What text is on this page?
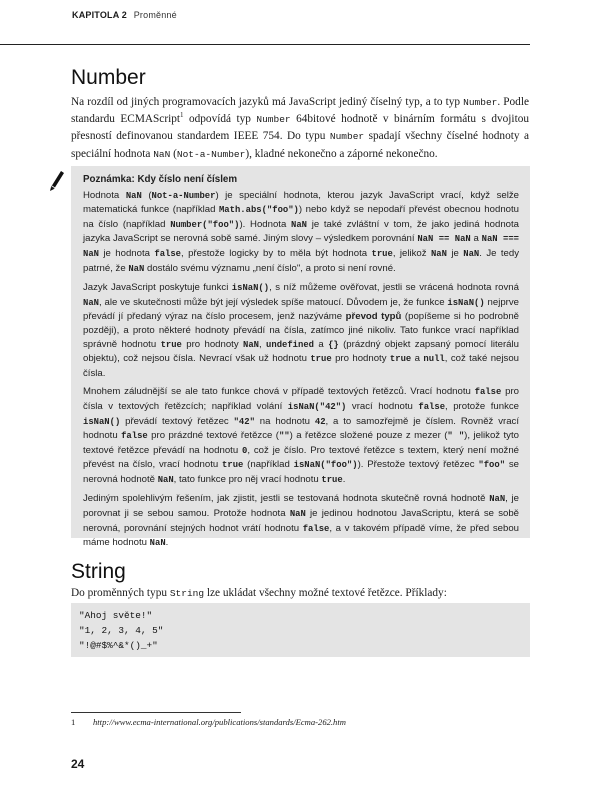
KAPITOLA 2 Proměnné
Number

Na rozdíl od jiných programovacích jazyků má JavaScript jediný číselný typ, a to typ Number. Podle standardu ECMAScript$^1$ odpovídá typ Number 64bitové hodnotě v binárním formátu s dvojitou přesností definovanou standardem IEEE 754. Do typu Number spadají všechny číselné hodnoty a speciální hodnota NaN (Not-a-Number), kladné nekonečno a záporné nekonečno.

Poznámka: Kdy číslo není číslem

Hodnota NaN (Not-a-Number) je speciální hodnota, kterou jazyk JavaScript vrací, když selže matematická funkce (například Math.abs("foo")) nebo když se nepodaří převést obecnou hodnotu na číslo (například Number("foo")). Hodnota NaN je také zvláštní v tom, že jako jediná hodnota jazyka JavaScript se nerovná sobě samé. Jiným slovy – výsledkem porovnání NaN == NaN a NaN === NaN je hodnota false, přestože logicky by to měla být hodnota true, jelikož NaN je NaN. Je tedy patrné, že NaN dostálo svému významu „není číslo", a proto si není rovné.

Jazyk JavaScript poskytuje funkci isNaN(), s níž můžeme ověřovat, jestli se vrácená hodnota rovná NaN, ale ve skutečnosti může být její výsledek spíše matoucí. Důvodem je, že funkce isNaN() nejprve převádí jí předaný výraz na číslo procesem, jenž nazýváme převod typů (popíšeme si ho podrobně později), a proto některé hodnoty převádí na čísla, zatímco jiné nikoliv. Tato funkce vrací například správně hodnotu true pro hodnoty NaN, undefined a {} (prázdný objekt zapsaný pomocí literálu objektu), což nejsou čísla. Nevrací však už hodnotu true pro hodnoty true a null, což také nejsou čísla.

Mnohem záludnější se ale tato funkce chová v případě textových řetězců. Vrací hodnotu false pro čísla v textových řetězcích; například volání isNaN("42") vrací hodnotu false, protože funkce isNaN() převádí textový řetězec "42" na hodnotu 42, a to samozřejmě je číslem. Rovněž vrací hodnotu false pro prázdné textové řetězce ("") a řetězce složené pouze z mezer (" "), jelikož tyto textové řetězce převádí na hodnotu 0, což je číslo. Pro textové řetězce s textem, který není možné převést na číslo, vrací hodnotu true (například isNaN("foo")). Přestože textový řetězec "foo" se nerovná hodnotě NaN, tato funkce pro něj vrací hodnotu true.

Jediným spolehlivým řešením, jak zjistit, jestli se testovaná hodnota skutečně rovná hodnotě NaN, je porovnat ji se sebou samou. Protože hodnota NaN je jedinou hodnotou JavaScriptu, která se sobě nerovná, porovnání stejných hodnot vrátí hodnotu false, a v takovém případě víme, že před sebou máme hodnotu NaN.

String

Do proměnných typu String lze ukládat všechny možné textové řetězce. Příklady:

"Ahoj světe!"
"1, 2, 3, 4, 5"
"!@#$%^&*()_+"
1 http://www.ecma-international.org/publications/standards/Ecma-262.htm
24
